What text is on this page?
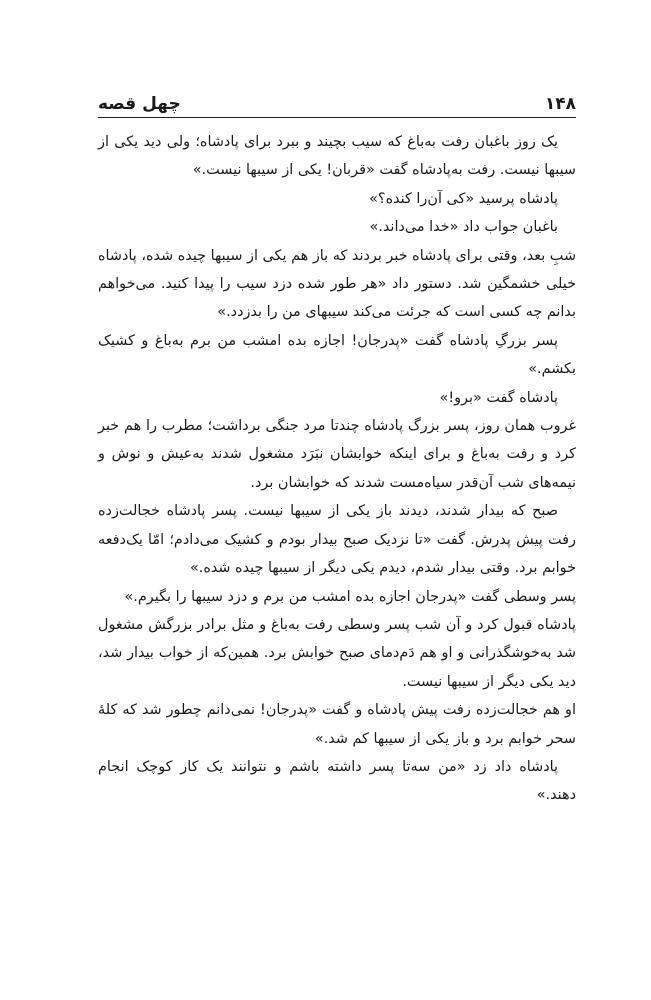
چهل قصه	۱۴۸

یک روز باغبان رفت به‌باغ که سیب بچیند و ببرد برای پادشاه؛ ولی دید یکی از سیبها نیست. رفت به‌پادشاه گفت «قربان! یکی از سیبها نیست.»

پادشاه پرسید «کی آن‌را کنده؟»

باغبان جواب داد «خدا می‌داند.»

شبِ بعد، وقتی برای پادشاه خبر بردند که باز هم یکی از سیبها چیده شده، پادشاه خیلی خشمگین شد. دستور داد «هر طور شده دزد سیب را پیدا کنید. می‌خواهم بدانم چه کسی است که جرئت می‌کند سیبهای من را بدزدد.»

پسر بزرگِ پادشاه گفت «پدرجان! اجازه بده امشب من برم به‌باغ و کشیک بکشم.»

پادشاه گفت «برو!»

غروب همان روز، پسر بزرگ پادشاه چندتا مرد جنگی برداشت؛ مطرب را هم خبر کرد و رفت به‌باغ و برای اینکه خوابشان نبَرَد مشغول شدند به‌عیش و نوش و نیمه‌های شب آن‌قدر سیاه‌مست شدند که خوابشان برد.

صبح که بیدار شدند، دیدند باز یکی از سیبها نیست. پسر پادشاه خجالت‌زده رفت پیش پدرش. گفت «تا نزدیک صبح بیدار بودم و کشیک می‌دادم؛ امّا یک‌دفعه خوابم برد. وقتی بیدار شدم، دیدم یکی دیگر از سیبها چیده شده.»

پسر وسطی گفت «پدرجان اجازه بده امشب من برم و دزد سیبها را بگیرم.»

پادشاه قبول کرد و آن شب پسر وسطی رفت به‌باغ و مثل برادر بزرگش مشغول شد به‌خوشگذرانی و او هم دَم‌دمای صبح خوابش برد. همین‌که از خواب بیدار شد، دید یکی دیگر از سیبها نیست.

او هم خجالت‌زده رفت پیش پادشاه و گفت «پدرجان! نمی‌دانم چطور شد که کلهٔ سحر خوابم برد و باز یکی از سیبها کم شد.»

پادشاه داد زد «من سه‌تا پسر داشته باشم و نتوانند یک کار کوچک انجام دهند.»
